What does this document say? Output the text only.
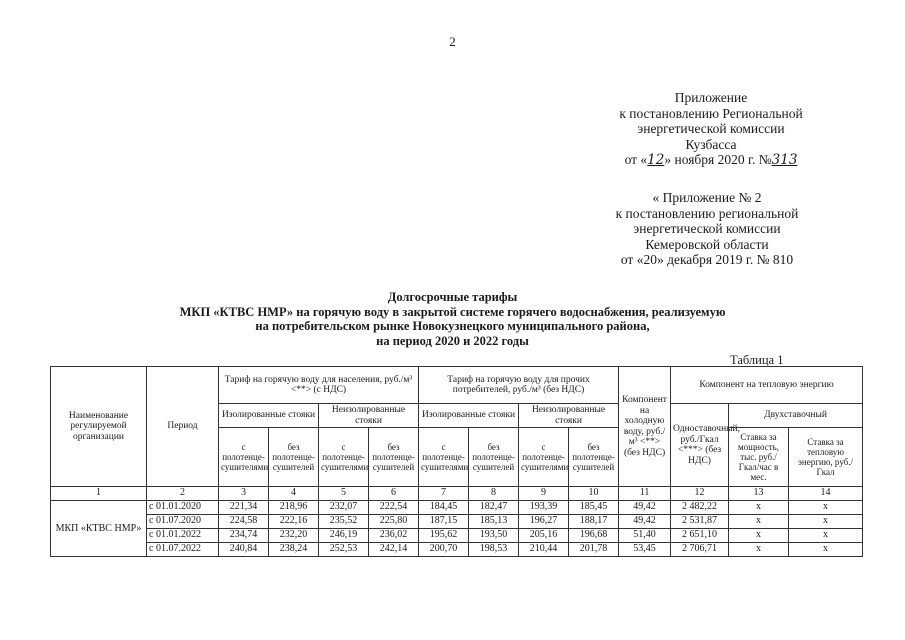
2
Приложение
к постановлению Региональной
энергетической комиссии
Кузбасса
от «12» ноября 2020 г. №313
« Приложение № 2
к постановлению региональной
энергетической комиссии
Кемеровской области
от «20» декабря 2019 г. № 810
Долгосрочные тарифы
МКП «КТВС НМР» на горячую воду в закрытой системе горячего водоснабжения, реализуемую
на потребительском рынке Новокузнецкого муниципального района,
на период 2020 и 2022 годы
Таблица 1
Наименование регулируемой организации	Период	Тариф на горячую воду для населения, руб./м³ <**> (с НДС)				Тариф на горячую воду для прочих потребителей, руб./м³ (без НДС)				Компонент на холодную воду, руб./м³ <**> (без НДС)	Компонент на тепловую энергию		
		Изолированные стояки		Неизолированные стояки		Изолированные стояки		Неизолированные стояки			Одноставочный, руб./Гкал <***> (без НДС)	Двухставочный	
		с полотенце-сушителями	без полотенце-сушителей	с полотенце-сушителями	без полотенце-сушителей	с полотенце-сушителями	без полотенце-сушителей	с полотенце-сушителями	без полотенце-сушителей			Ставка за мощность, тыс. руб./Гкал/час в мес.	Ставка за тепловую энергию, руб./Гкал
1	2	3	4	5	6	7	8	9	10	11	12	13	14
МКП «КТВС НМР»	с 01.01.2020	221,34	218,96	232,07	222,54	184,45	182,47	193,39	185,45	49,42	2 482,22	х	х
	с 01.07.2020	224,58	222,16	235,52	225,80	187,15	185,13	196,27	188,17	49,42	2 531,87	х	х
	с 01.01.2022	234,74	232,20	246,19	236,02	195,62	193,50	205,16	196,68	51,40	2 651,10	х	х
	с 01.07.2022	240,84	238,24	252,53	242,14	200,70	198,53	210,44	201,78	53,45	2 706,71	х	х
